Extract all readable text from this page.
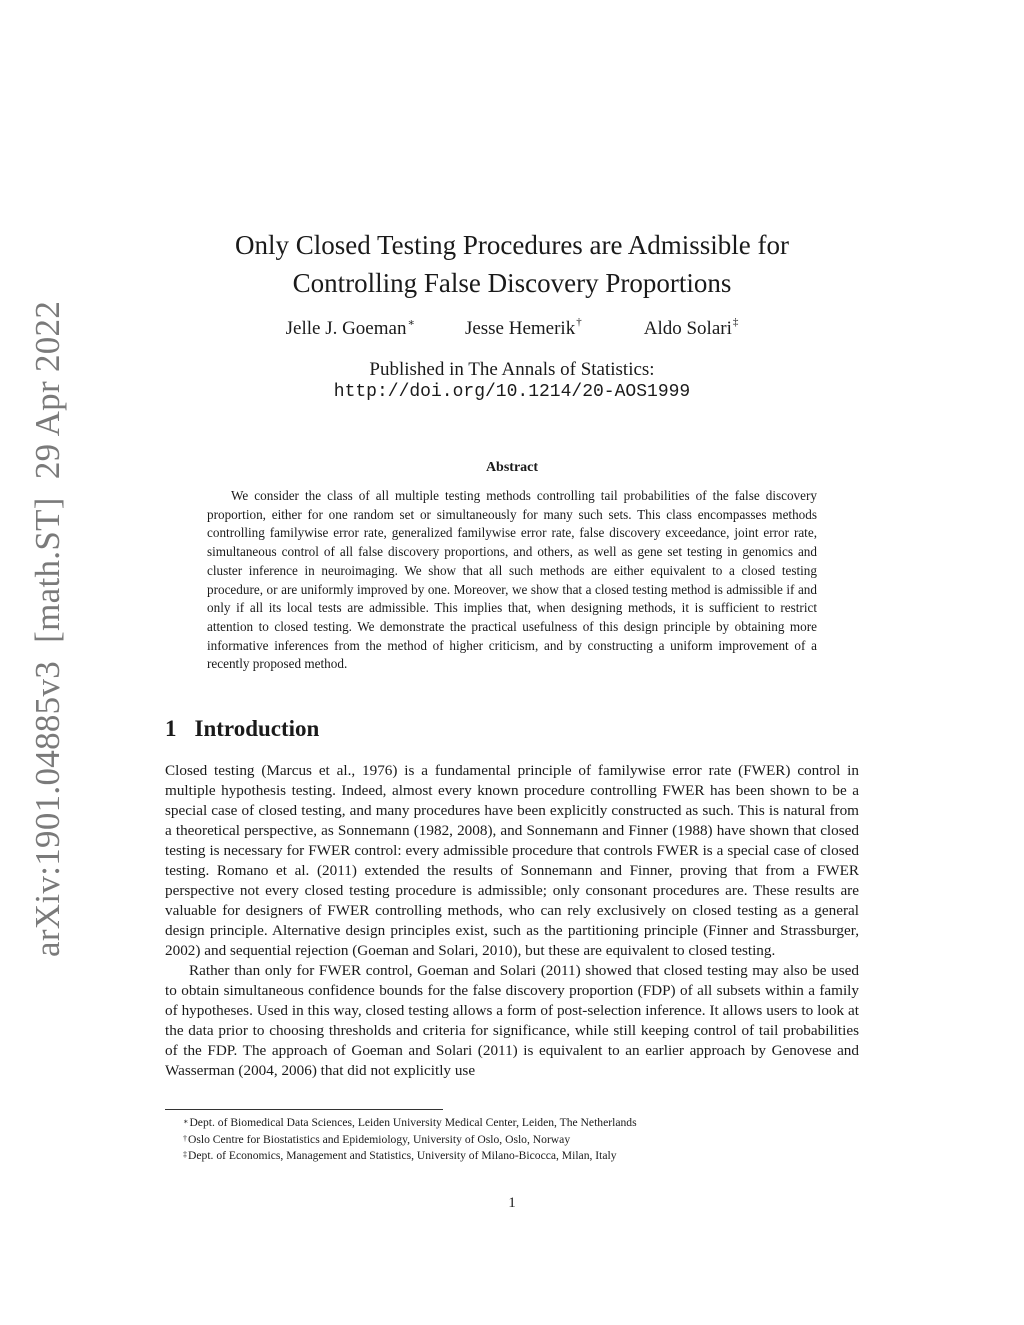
arXiv:1901.04885v3  [math.ST]  29 Apr 2022
Only Closed Testing Procedures are Admissible for
Controlling False Discovery Proportions
Jelle J. Goeman∗	Jesse Hemerik†	Aldo Solari‡
Published in The Annals of Statistics:
http://doi.org/10.1214/20-AOS1999
Abstract
We consider the class of all multiple testing methods controlling tail probabilities of the false discovery proportion, either for one random set or simultaneously for many such sets. This class encompasses methods controlling familywise error rate, generalized familywise error rate, false discovery exceedance, joint error rate, simultaneous control of all false discovery proportions, and others, as well as gene set testing in genomics and cluster inference in neuroimaging. We show that all such methods are either equivalent to a closed testing procedure, or are uniformly improved by one. Moreover, we show that a closed testing method is admissible if and only if all its local tests are admissible. This implies that, when designing methods, it is sufficient to restrict attention to closed testing. We demonstrate the practical usefulness of this design principle by obtaining more informative inferences from the method of higher criticism, and by constructing a uniform improvement of a recently proposed method.
1 Introduction

Closed testing (Marcus et al., 1976) is a fundamental principle of familywise error rate (FWER) control in multiple hypothesis testing. Indeed, almost every known procedure controlling FWER has been shown to be a special case of closed testing, and many procedures have been explicitly constructed as such. This is natural from a theoretical perspective, as Sonnemann (1982, 2008), and Sonnemann and Finner (1988) have shown that closed testing is necessary for FWER control: every admissible procedure that controls FWER is a special case of closed testing. Romano et al. (2011) extended the results of Sonnemann and Finner, proving that from a FWER perspective not every closed testing procedure is admissible; only consonant procedures are. These results are valuable for designers of FWER controlling methods, who can rely exclusively on closed testing as a general design principle. Alternative design principles exist, such as the partitioning principle (Finner and Strassburger, 2002) and sequential rejection (Goeman and Solari, 2010), but these are equivalent to closed testing.

Rather than only for FWER control, Goeman and Solari (2011) showed that closed testing may also be used to obtain simultaneous confidence bounds for the false discovery proportion (FDP) of all subsets within a family of hypotheses. Used in this way, closed testing allows a form of post-selection inference. It allows users to look at the data prior to choosing thresholds and criteria for significance, while still keeping control of tail probabilities of the FDP. The approach of Goeman and Solari (2011) is equivalent to an earlier approach by Genovese and Wasserman (2004, 2006) that did not explicitly use

∗Dept. of Biomedical Data Sciences, Leiden University Medical Center, Leiden, The Netherlands
†Oslo Centre for Biostatistics and Epidemiology, University of Oslo, Oslo, Norway
‡Dept. of Economics, Management and Statistics, University of Milano-Bicocca, Milan, Italy
1
